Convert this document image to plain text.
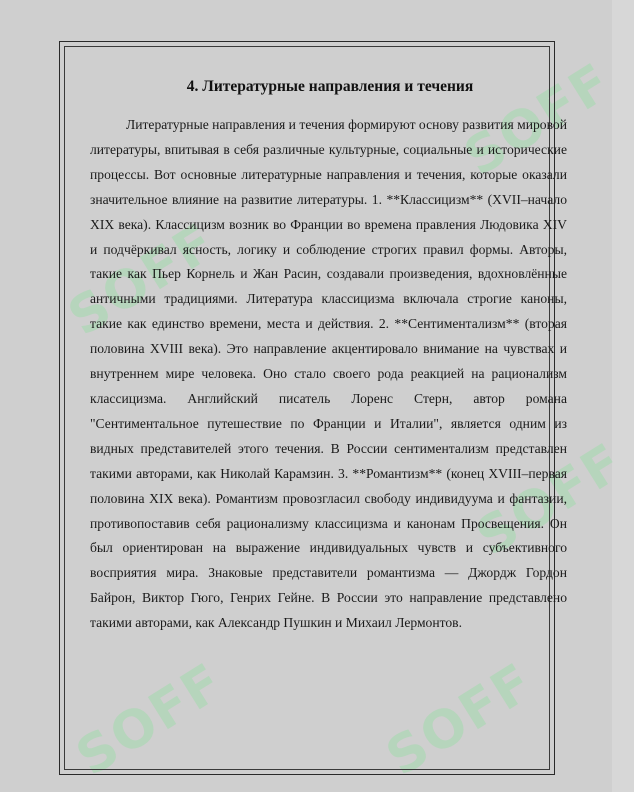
SOFF
SOFF
SOFF
SOFF	SOFF
4. Литературные направления и течения
Литературные направления и течения формируют основу развития мировой литературы, впитывая в себя различные культурные, социальные и исторические процессы. Вот основные литературные направления и течения, которые оказали значительное влияние на развитие литературы. 1. **Классицизм** (XVII–начало XIX века). Классицизм возник во Франции во времена правления Людовика XIV и подчёркивал ясность, логику и соблюдение строгих правил формы. Авторы, такие как Пьер Корнель и Жан Расин, создавали произведения, вдохновлённые античными традициями. Литература классицизма включала строгие каноны, такие как единство времени, места и действия. 2. **Сентиментализм** (вторая половина XVIII века). Это направление акцентировало внимание на чувствах и внутреннем мире человека. Оно стало своего рода реакцией на рационализм классицизма. Английский писатель Лоренс Стерн, автор романа "Сентиментальное путешествие по Франции и Италии", является одним из видных представителей этого течения. В России сентиментализм представлен такими авторами, как Николай Карамзин. 3. **Романтизм** (конец XVIII–первая половина XIX века). Романтизм провозгласил свободу индивидуума и фантазии, противопоставив себя рационализму классицизма и канонам Просвещения. Он был ориентирован на выражение индивидуальных чувств и субъективного восприятия мира. Знаковые представители романтизма — Джордж Гордон Байрон, Виктор Гюго, Генрих Гейне. В России это направление представлено такими авторами, как Александр Пушкин и Михаил Лермонтов.
